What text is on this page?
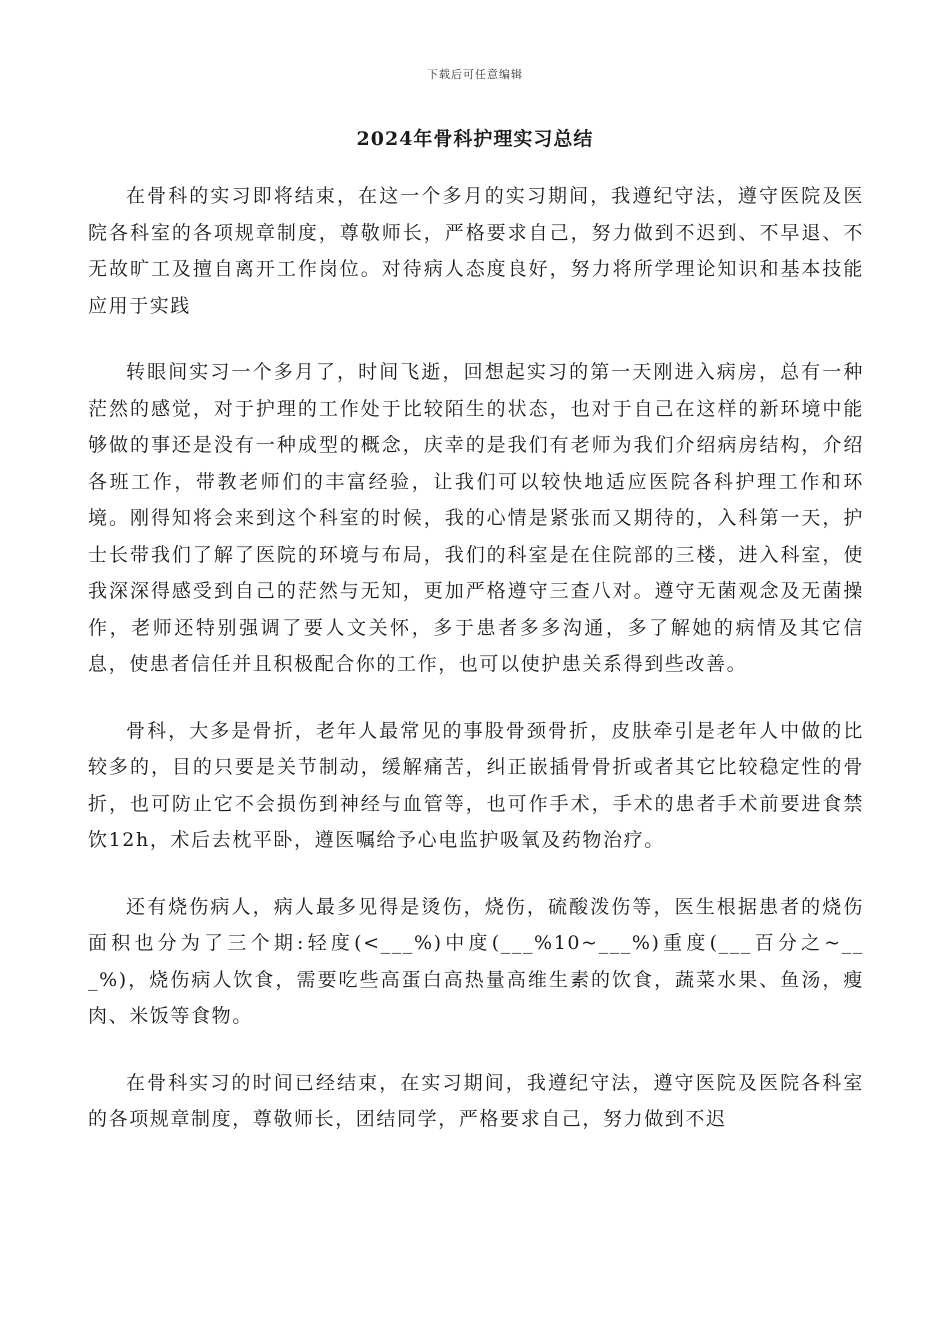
下载后可任意编辑
2024年骨科护理实习总结

在骨科的实习即将结束，在这一个多月的实习期间，我遵纪守法，遵守医院及医院各科室的各项规章制度，尊敬师长，严格要求自己，努力做到不迟到、不早退、不无故旷工及擅自离开工作岗位。对待病人态度良好，努力将所学理论知识和基本技能应用于实践

转眼间实习一个多月了，时间飞逝，回想起实习的第一天刚进入病房，总有一种茫然的感觉，对于护理的工作处于比较陌生的状态，也对于自己在这样的新环境中能够做的事还是没有一种成型的概念，庆幸的是我们有老师为我们介绍病房结构，介绍各班工作，带教老师们的丰富经验，让我们可以较快地适应医院各科护理工作和环境。刚得知将会来到这个科室的时候，我的心情是紧张而又期待的，入科第一天，护士长带我们了解了医院的环境与布局，我们的科室是在住院部的三楼，进入科室，使我深深得感受到自己的茫然与无知，更加严格遵守三查八对。遵守无菌观念及无菌操作，老师还特别强调了要人文关怀，多于患者多多沟通，多了解她的病情及其它信息，使患者信任并且积极配合你的工作，也可以使护患关系得到些改善。

骨科，大多是骨折，老年人最常见的事股骨颈骨折，皮肤牵引是老年人中做的比较多的，目的只要是关节制动，缓解痛苦，纠正嵌插骨骨折或者其它比较稳定性的骨折，也可防止它不会损伤到神经与血管等，也可作手术，手术的患者手术前要进食禁饮12h，术后去枕平卧，遵医嘱给予心电监护吸氧及药物治疗。

还有烧伤病人，病人最多见得是烫伤，烧伤，硫酸泼伤等，医生根据患者的烧伤面积也分为了三个期:轻度(<___%)中度(___%10~___%)重度(___百分之~___%)，烧伤病人饮食，需要吃些高蛋白高热量高维生素的饮食，蔬菜水果、鱼汤，瘦肉、米饭等食物。

在骨科实习的时间已经结束，在实习期间，我遵纪守法，遵守医院及医院各科室的各项规章制度，尊敬师长，团结同学，严格要求自己，努力做到不迟
